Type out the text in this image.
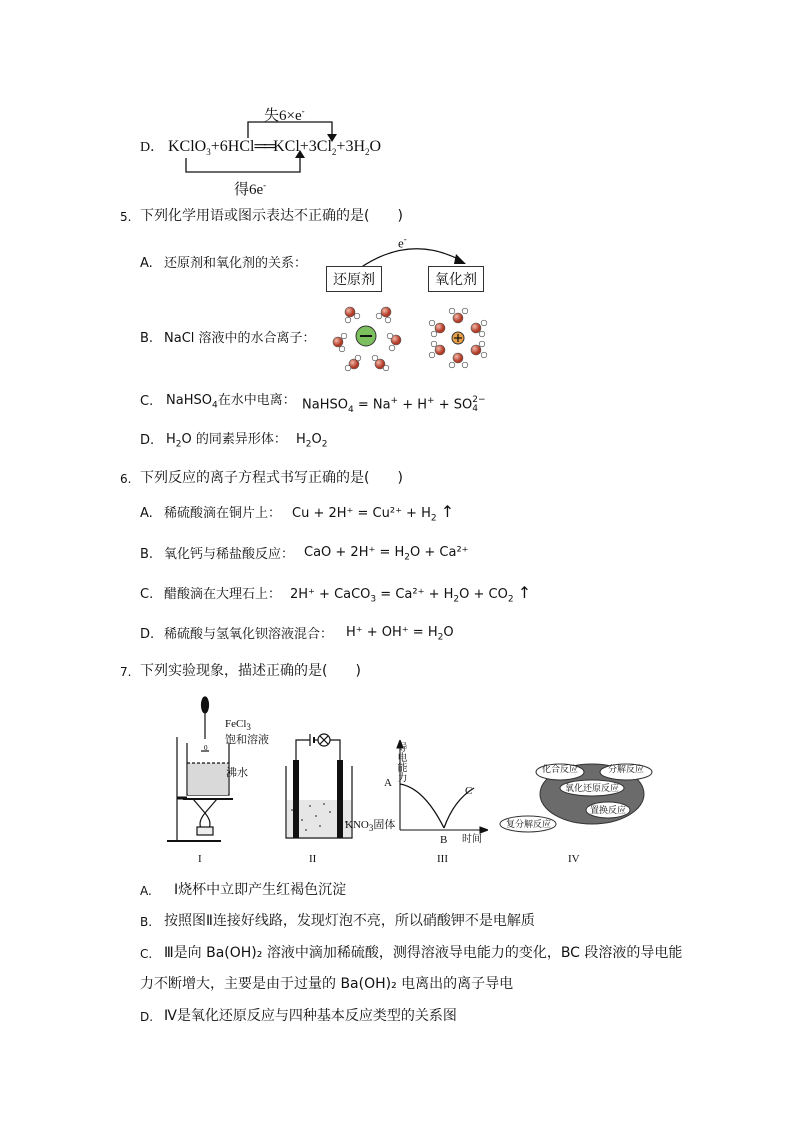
失6×e-
D． $KClO_3+6HCl══KCl+3Cl_2+3H_2O$
得6e-
5. 下列化学用语或图示表达不正确的是(　　)
A. 还原剂和氧化剂的关系：
e-
还原剂	氧化剂
B. NaCl 溶液中的水合离子：
C. NaHSO$_4$在水中电离： NaHSO$_4$ = Na+ + H+ + SO 2−
4
D. $H_2O$ 的同素异形体： $H_2O_2$
6. 下列反应的离子方程式书写正确的是(　　)
A. 稀硫酸滴在铜片上： $Cu + 2H^+ = Cu^{2+} + H_2$ ↑
B. 氧化钙与稀盐酸反应： CaO + $2H^+ = H_2O + Ca^{2+}$
C. 醋酸滴在大理石上： 2H⁺ + CaCO$_3$ = $Ca^{2+} + H_2O + CO_2$ ↑
D. 稀硫酸与氢氧化钡溶液混合： $H^+ + OH^+ = H_2O$
7. 下列实验现象，描述正确的是(　　)
0
FeCl$_3$
饱和溶液
沸水
I
$KNO_3$固体
II
导电能力
A
B
C
时间
III
化合反应	分解反应
氧化还原反应
置换反应
复分解反应
IV
A. Ⅰ烧杯中立即产生红褐色沉淀
B. 按照图Ⅱ连接好线路，发现灯泡不亮，所以硝酸钾不是电解质
C. Ⅲ是向 Ba(OH)₂ 溶液中滴加稀硫酸，测得溶液导电能力的变化，BC 段溶液的导电能
力不断增大，主要是由于过量的 Ba(OH)₂ 电离出的离子导电
D. Ⅳ是氧化还原反应与四种基本反应类型的关系图
